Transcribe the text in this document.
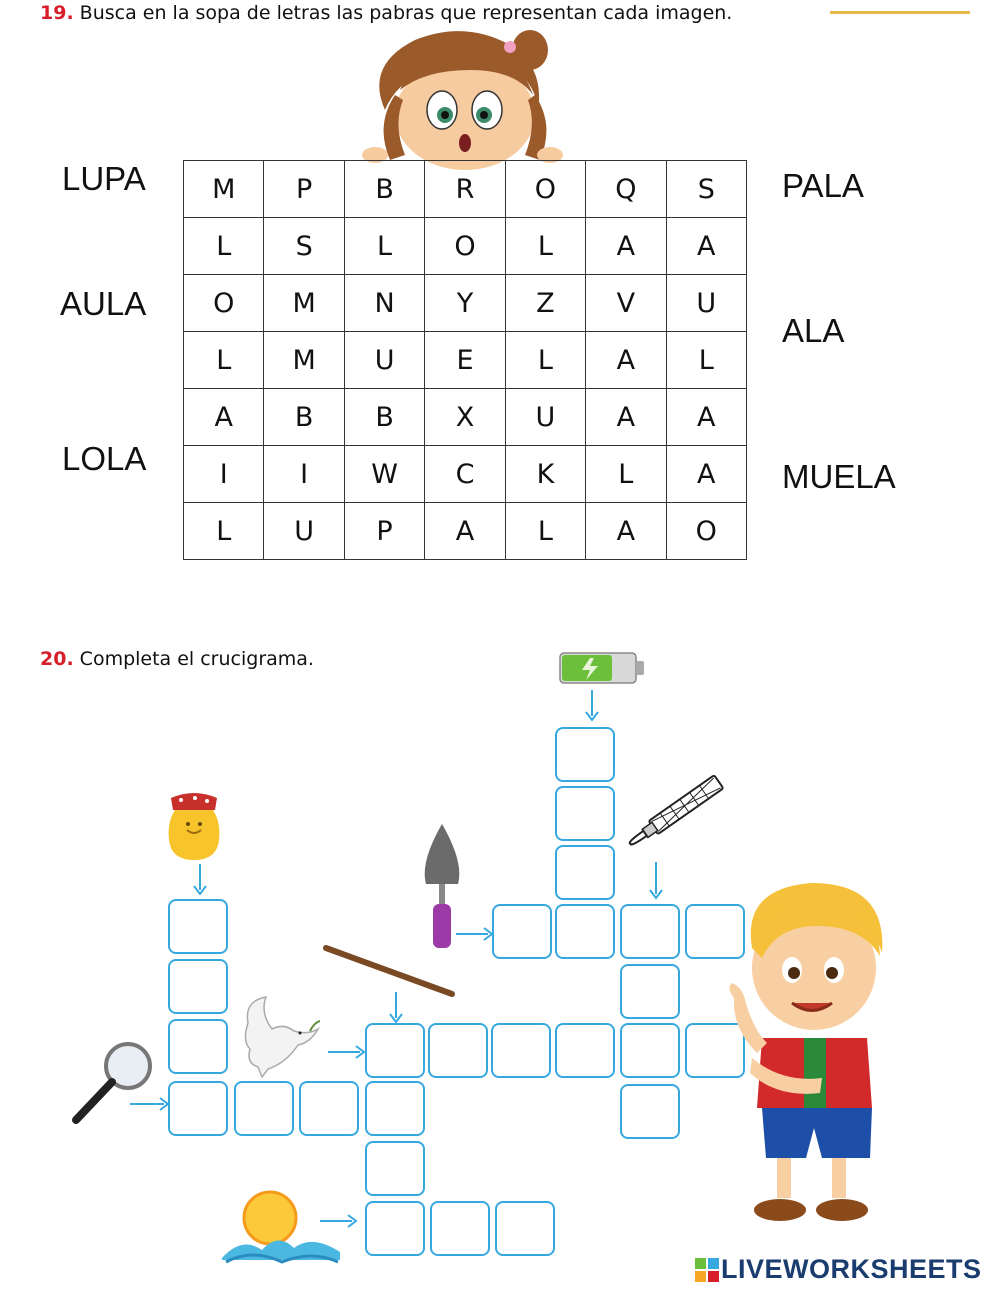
19. Busca en la sopa de letras las pabras que representan cada imagen.
LUPA
AULA
LOLA
PALA
ALA
MUELA
M	P	B	R	O	Q	S
L	S	L	O	L	A	A
O	M	N	Y	Z	V	U
L	M	U	E	L	A	L
A	B	B	X	U	A	A
I	I	W	C	K	L	A
L	U	P	A	L	A	O
20. Completa el crucigrama.
LIVEWORKSHEETS
